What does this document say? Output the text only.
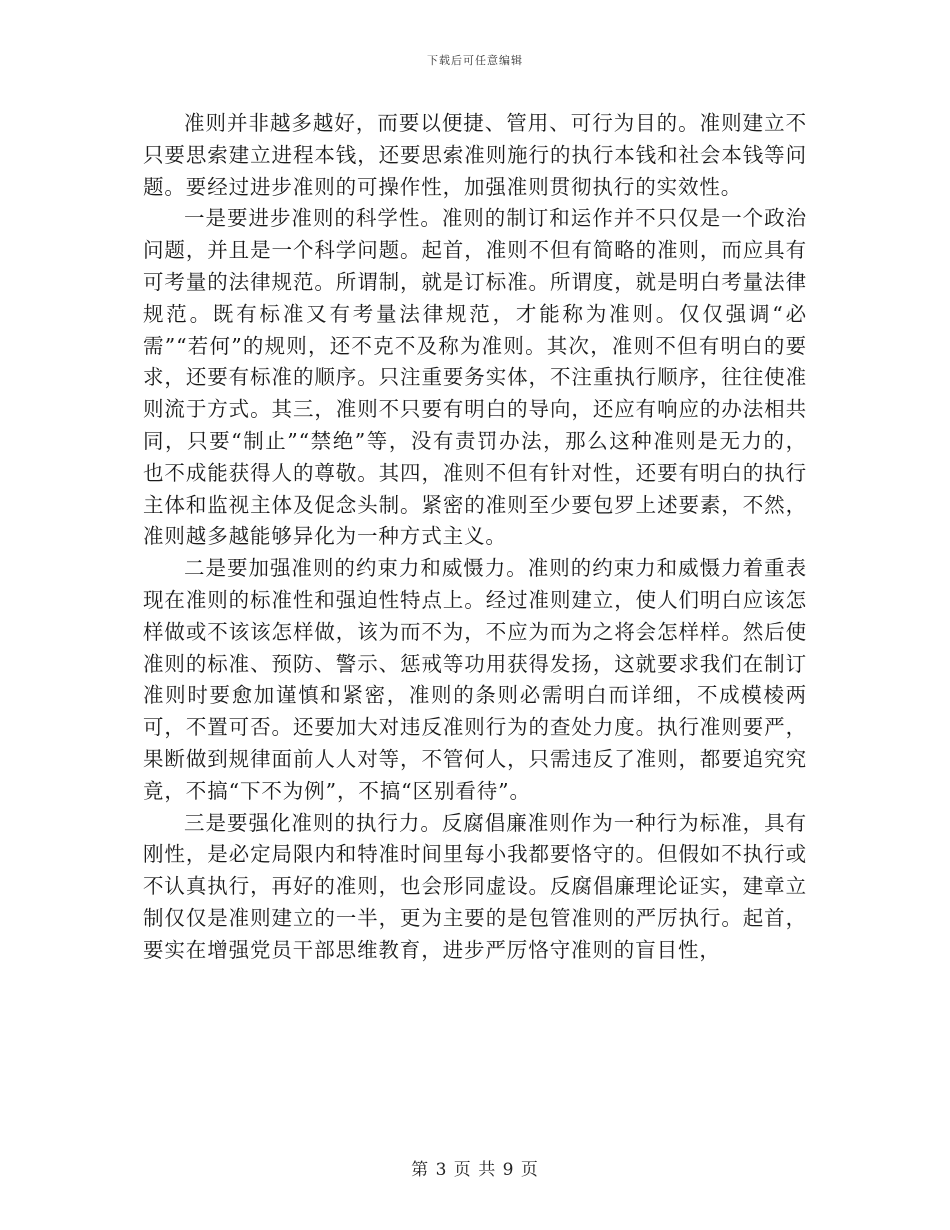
下载后可任意编辑

准则并非越多越好，而要以便捷、管用、可行为目的。准则建立不只要思索建立进程本钱，还要思索准则施行的执行本钱和社会本钱等问题。要经过进步准则的可操作性，加强准则贯彻执行的实效性。

一是要进步准则的科学性。准则的制订和运作并不只仅是一个政治问题，并且是一个科学问题。起首，准则不但有简略的准则，而应具有可考量的法律规范。所谓制，就是订标准。所谓度，就是明白考量法律规范。既有标准又有考量法律规范，才能称为准则。仅仅强调“必需”“若何”的规则，还不克不及称为准则。其次，准则不但有明白的要求，还要有标准的顺序。只注重要务实体，不注重执行顺序，往往使准则流于方式。其三，准则不只要有明白的导向，还应有响应的办法相共同，只要“制止”“禁绝”等，没有责罚办法，那么这种准则是无力的，也不成能获得人的尊敬。其四，准则不但有针对性，还要有明白的执行主体和监视主体及促念头制。紧密的准则至少要包罗上述要素，不然，准则越多越能够异化为一种方式主义。

二是要加强准则的约束力和威慑力。准则的约束力和威慑力着重表现在准则的标准性和强迫性特点上。经过准则建立，使人们明白应该怎样做或不该该怎样做，该为而不为，不应为而为之将会怎样样。然后使准则的标准、预防、警示、惩戒等功用获得发扬，这就要求我们在制订准则时要愈加谨慎和紧密，准则的条则必需明白而详细，不成模棱两可，不置可否。还要加大对违反准则行为的查处力度。执行准则要严，果断做到规律面前人人对等，不管何人，只需违反了准则，都要追究究竟，不搞“下不为例”，不搞“区别看待”。

三是要强化准则的执行力。反腐倡廉准则作为一种行为标准，具有刚性，是必定局限内和特准时间里每小我都要恪守的。但假如不执行或不认真执行，再好的准则，也会形同虚设。反腐倡廉理论证实，建章立制仅仅是准则建立的一半，更为主要的是包管准则的严厉执行。起首，要实在增强党员干部思维教育，进步严厉恪守准则的盲目性，

第 3 页 共 9 页
